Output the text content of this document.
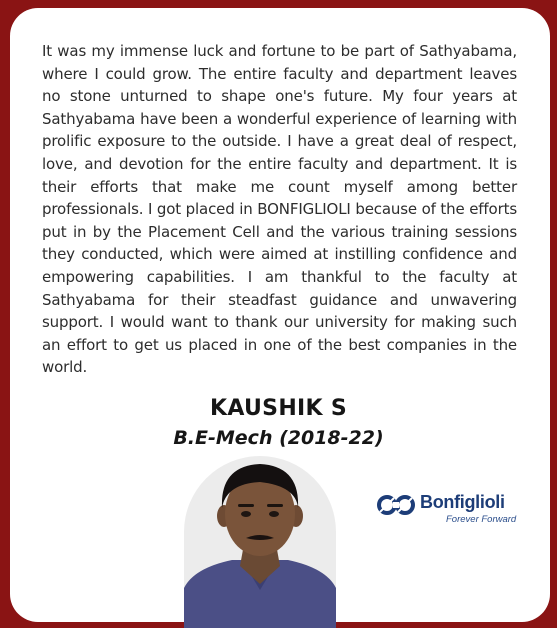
It was my immense luck and fortune to be part of Sathyabama, where I could grow. The entire faculty and department leaves no stone unturned to shape one's future. My four years at Sathyabama have been a wonderful experience of learning with prolific exposure to the outside. I have a great deal of respect, love, and devotion for the entire faculty and department. It is their efforts that make me count myself among better professionals. I got placed in BONFIGLIOLI because of the efforts put in by the Placement Cell and the various training sessions they conducted, which were aimed at instilling confidence and empowering capabilities. I am thankful to the faculty at Sathyabama for their steadfast guidance and unwavering support. I would want to thank our university for making such an effort to get us placed in one of the best companies in the world.

KAUSHIK S
B.E-Mech (2018-22)
Bonfiglioli
Forever Forward
